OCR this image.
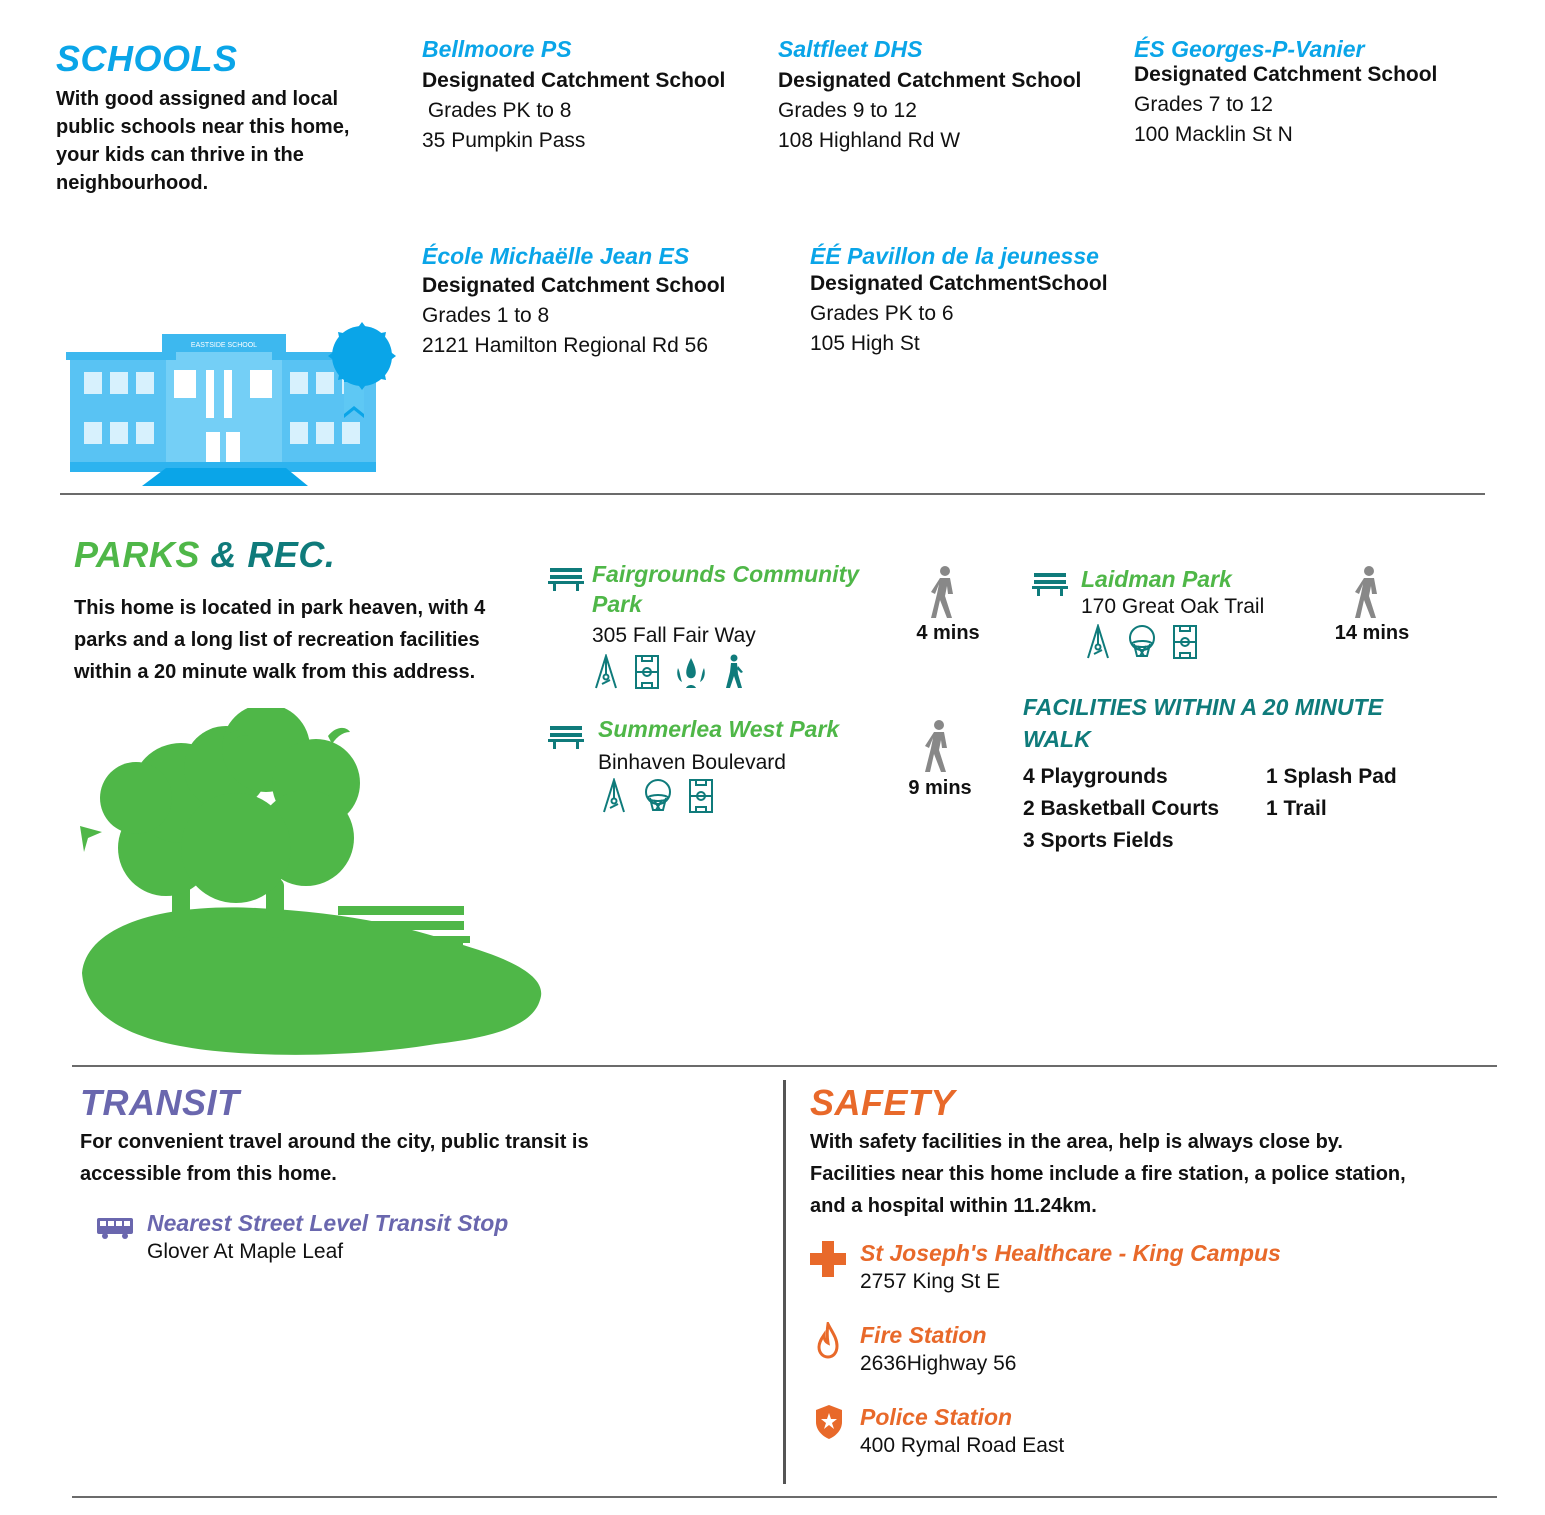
SCHOOLS
With good assigned and local
public schools near this home,
your kids can thrive in the
neighbourhood.
Bellmoore PS
Designated Catchment School
Grades PK to 8
35 Pumpkin Pass
Saltfleet DHS
Designated Catchment School
Grades 9 to 12
108 Highland Rd W
ÉS Georges-P-Vanier
Designated Catchment School
Grades 7 to 12
100 Macklin St N
École Michaëlle Jean ES
Designated Catchment School
Grades 1 to 8
2121 Hamilton Regional Rd 56
ÉÉ Pavillon de la jeunesse
Designated CatchmentSchool
Grades PK to 6
105 High St
EASTSIDE SCHOOL
PARKS & REC.
This home is located in park heaven, with 4
parks and a long list of recreation facilities
within a 20 minute walk from this address.
Fairgrounds Community
Park
305 Fall Fair Way	4 mins
Summerlea West Park
Binhaven Boulevard
9 mins
Laidman Park
170 Great Oak Trail
14 mins
FACILITIES WITHIN A 20 MINUTE
WALK
4 Playgrounds
2 Basketball Courts
3 Sports Fields
1 Splash Pad
1 Trail
TRANSIT
For convenient travel around the city, public transit is
accessible from this home.
Nearest Street Level Transit Stop
Glover At Maple Leaf
SAFETY
With safety facilities in the area, help is always close by.
Facilities near this home include a fire station, a police station,
and a hospital within 11.24km.
St Joseph's Healthcare - King Campus
2757 King St E
Fire Station
2636Highway 56
Police Station
400 Rymal Road East
